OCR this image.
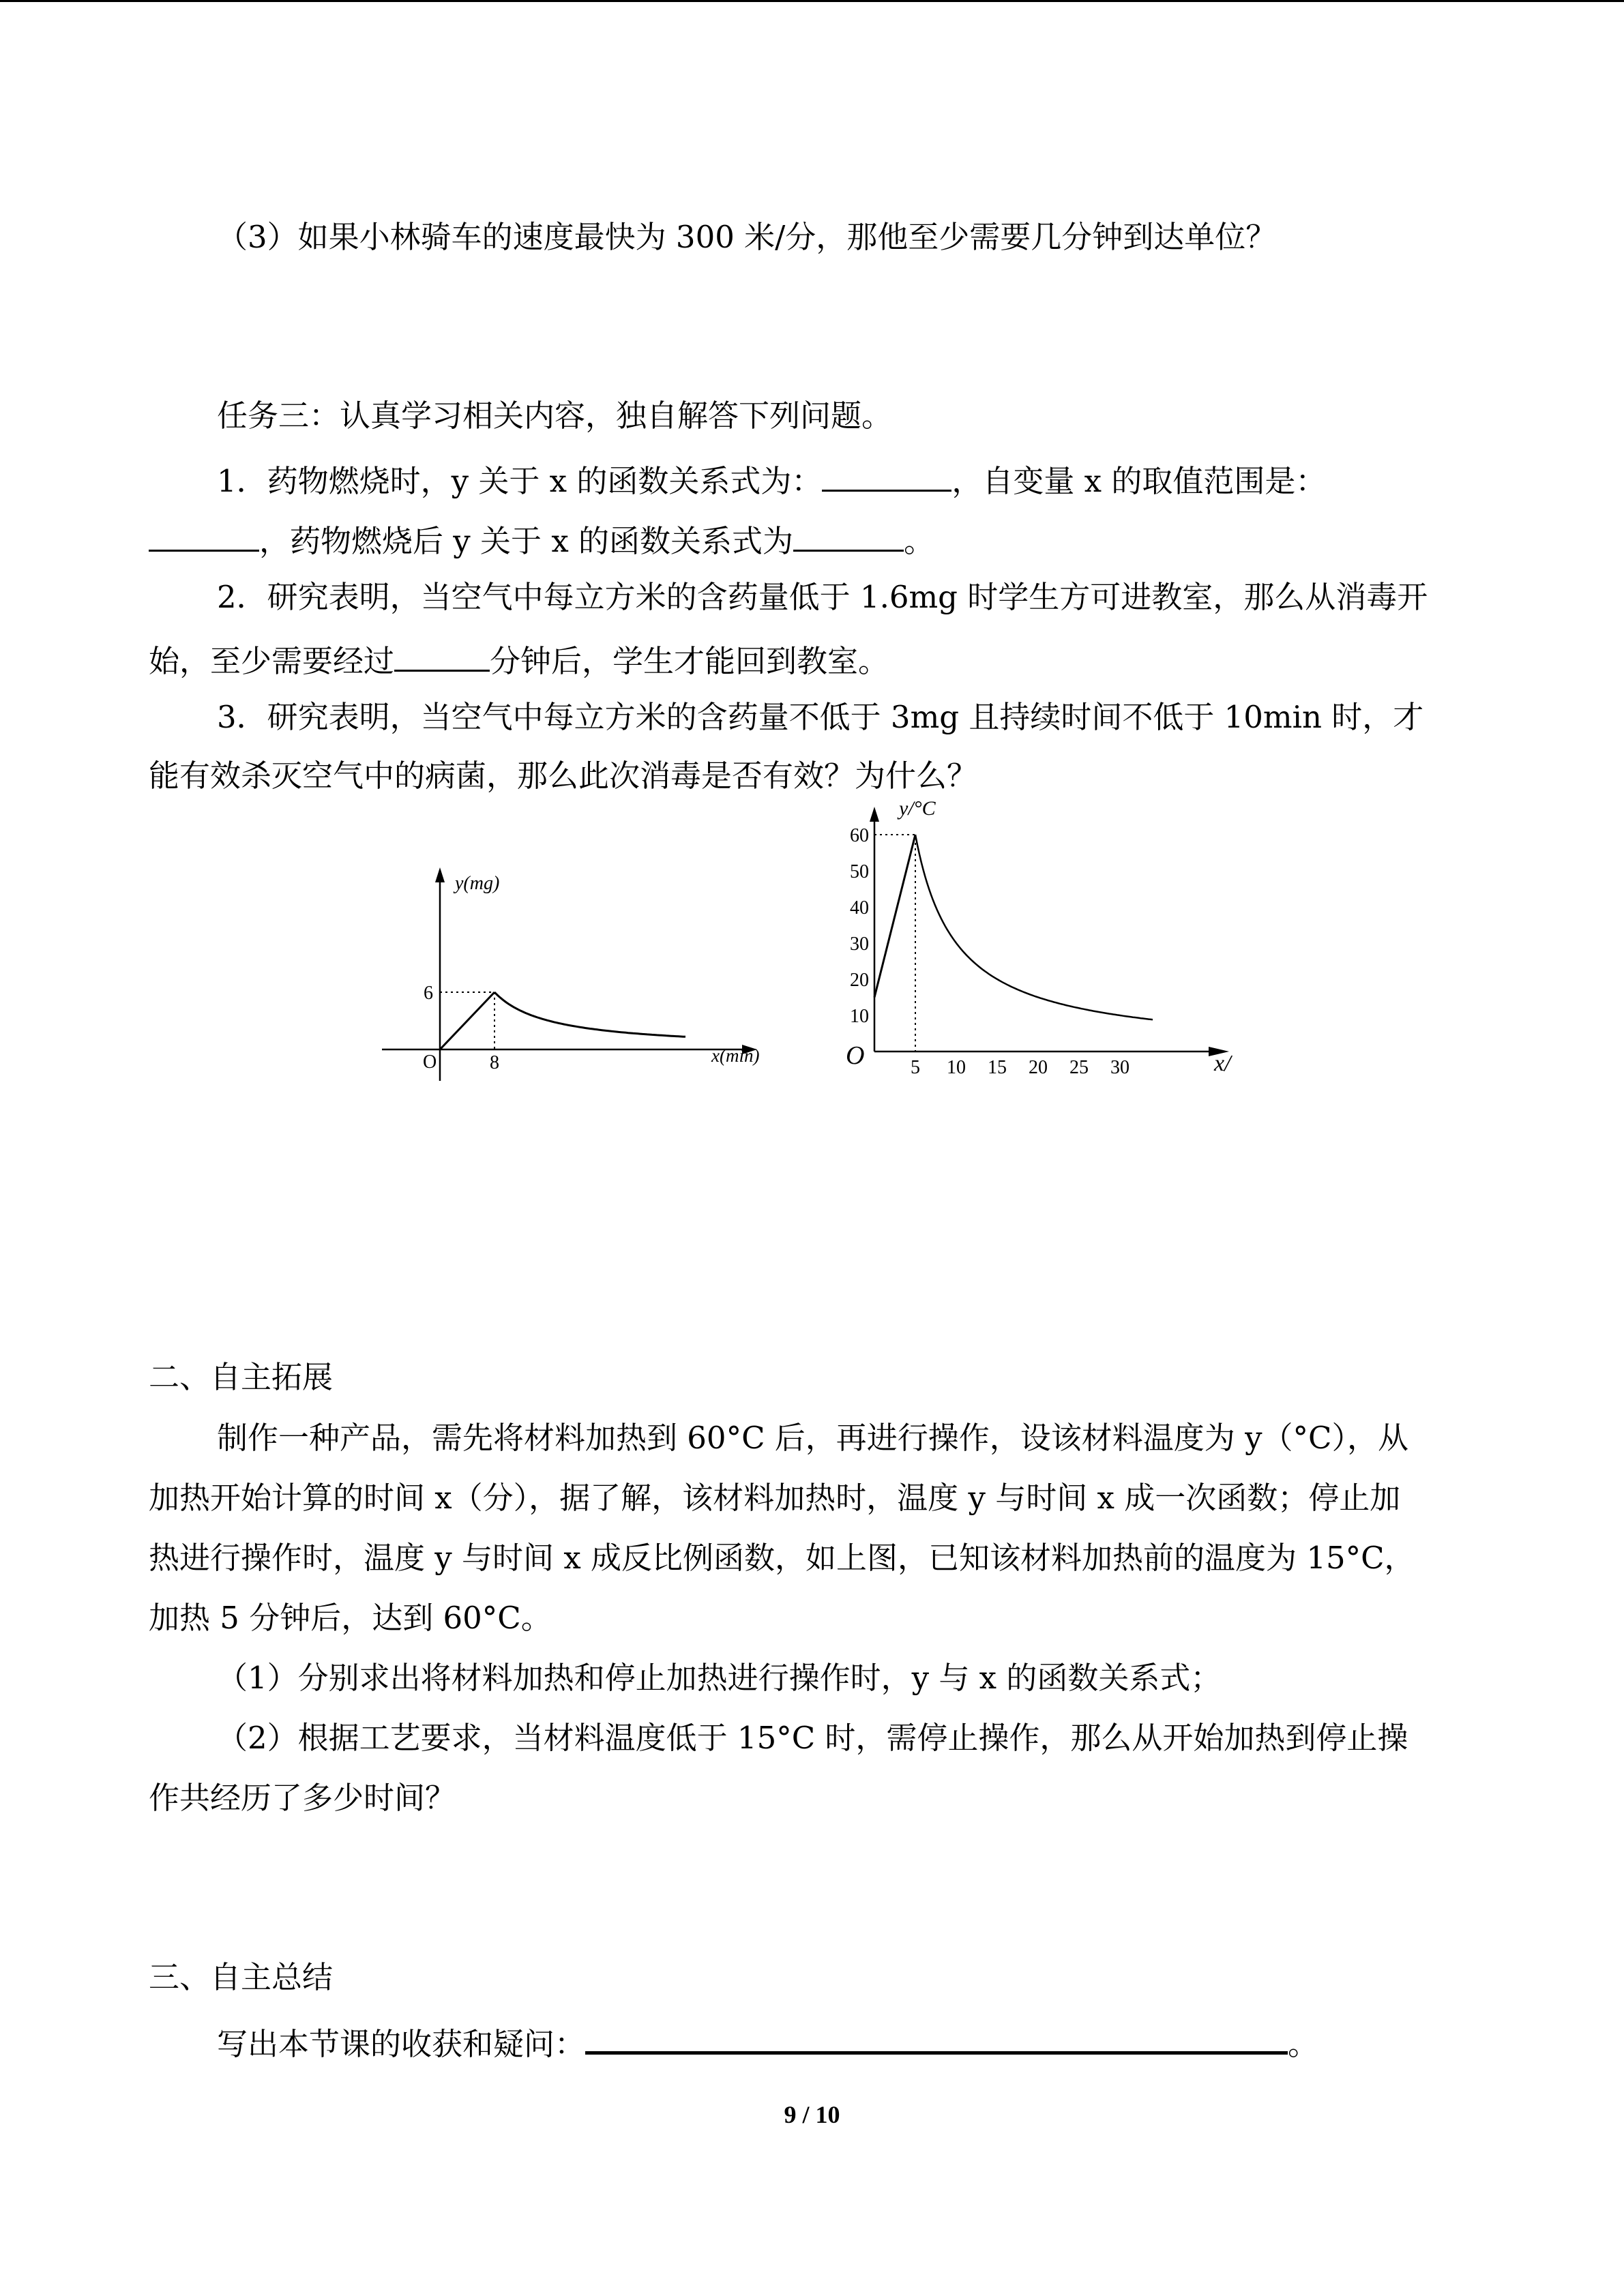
（3）如果小林骑车的速度最快为 300 米/分，那他至少需要几分钟到达单位？
任务三：认真学习相关内容，独自解答下列问题。
1．药物燃烧时，y 关于 x 的函数关系式为：	，自变量 x 的取值范围是：
，药物燃烧后 y 关于 x 的函数关系式为	。
2．研究表明，当空气中每立方米的含药量低于 1.6mg 时学生方可进教室，那么从消毒开
始，至少需要经过	分钟后，学生才能回到教室。
3．研究表明，当空气中每立方米的含药量不低于 3mg 且持续时间不低于 10min 时，才
能有效杀灭空气中的病菌，那么此次消毒是否有效？为什么？
y(mg)
O	8
6
x(min)
10
20
30
40
50
60
5 10 15 20 25 30
y/°C
O	x/
二、自主拓展
制作一种产品，需先将材料加热到 60°C 后，再进行操作，设该材料温度为 y（°C），从
加热开始计算的时间 x（分），据了解，该材料加热时，温度 y 与时间 x 成一次函数；停止加
热进行操作时，温度 y 与时间 x 成反比例函数，如上图，已知该材料加热前的温度为 15°C，
加热 5 分钟后，达到 60°C。
（1）分别求出将材料加热和停止加热进行操作时，y 与 x 的函数关系式；
（2）根据工艺要求，当材料温度低于 15°C 时，需停止操作，那么从开始加热到停止操
作共经历了多少时间？
三、自主总结
写出本节课的收获和疑问：	。
9 / 10
